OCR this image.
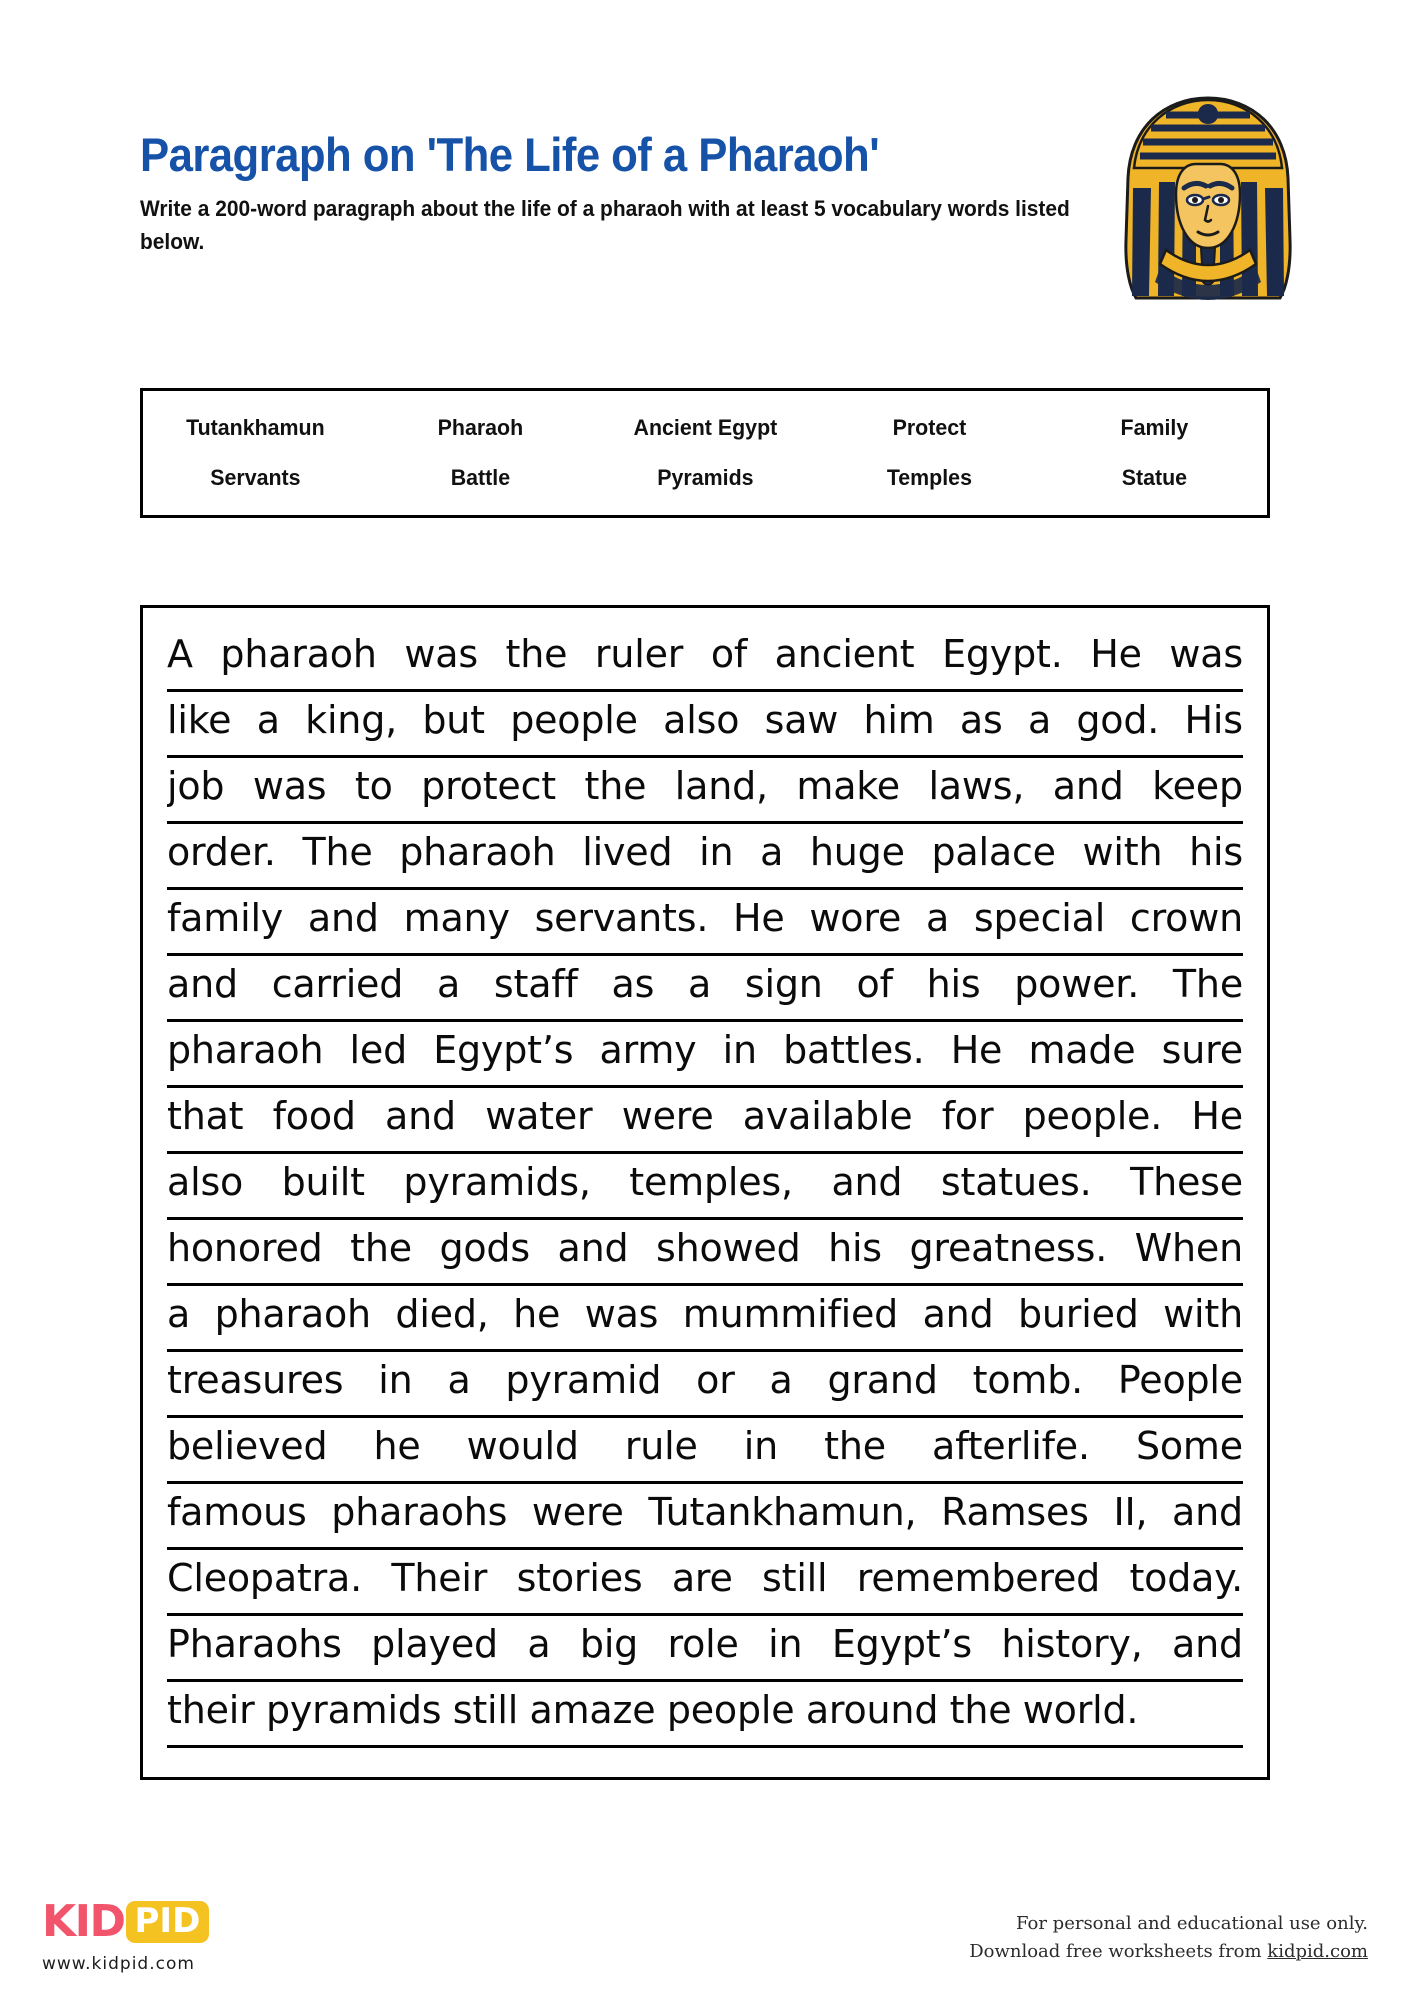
Paragraph on 'The Life of a Pharaoh'

Write a 200-word paragraph about the life of a pharaoh with at least 5 vocabulary words listed below.

Tutankhamun	Pharaoh	Ancient Egypt	Protect	Family
Servants	Battle	Pyramids	Temples	Statue
A pharaoh was the ruler of ancient Egypt. He was
like a king, but people also saw him as a god. His
job was to protect the land, make laws, and keep
order. The pharaoh lived in a huge palace with his
family and many servants. He wore a special crown
and carried a staff as a sign of his power. The
pharaoh led Egypt’s army in battles. He made sure
that food and water were available for people. He
also built pyramids, temples, and statues. These
honored the gods and showed his greatness. When
a pharaoh died, he was mummified and buried with
treasures in a pyramid or a grand tomb. People
believed he would rule in the afterlife. Some
famous pharaohs were Tutankhamun, Ramses II, and
Cleopatra. Their stories are still remembered today.
Pharaohs played a big role in Egypt’s history, and
their pyramids still amaze people around the world.
KID PID
www.kidpid.com
For personal and educational use only.
Download free worksheets from kidpid.com
